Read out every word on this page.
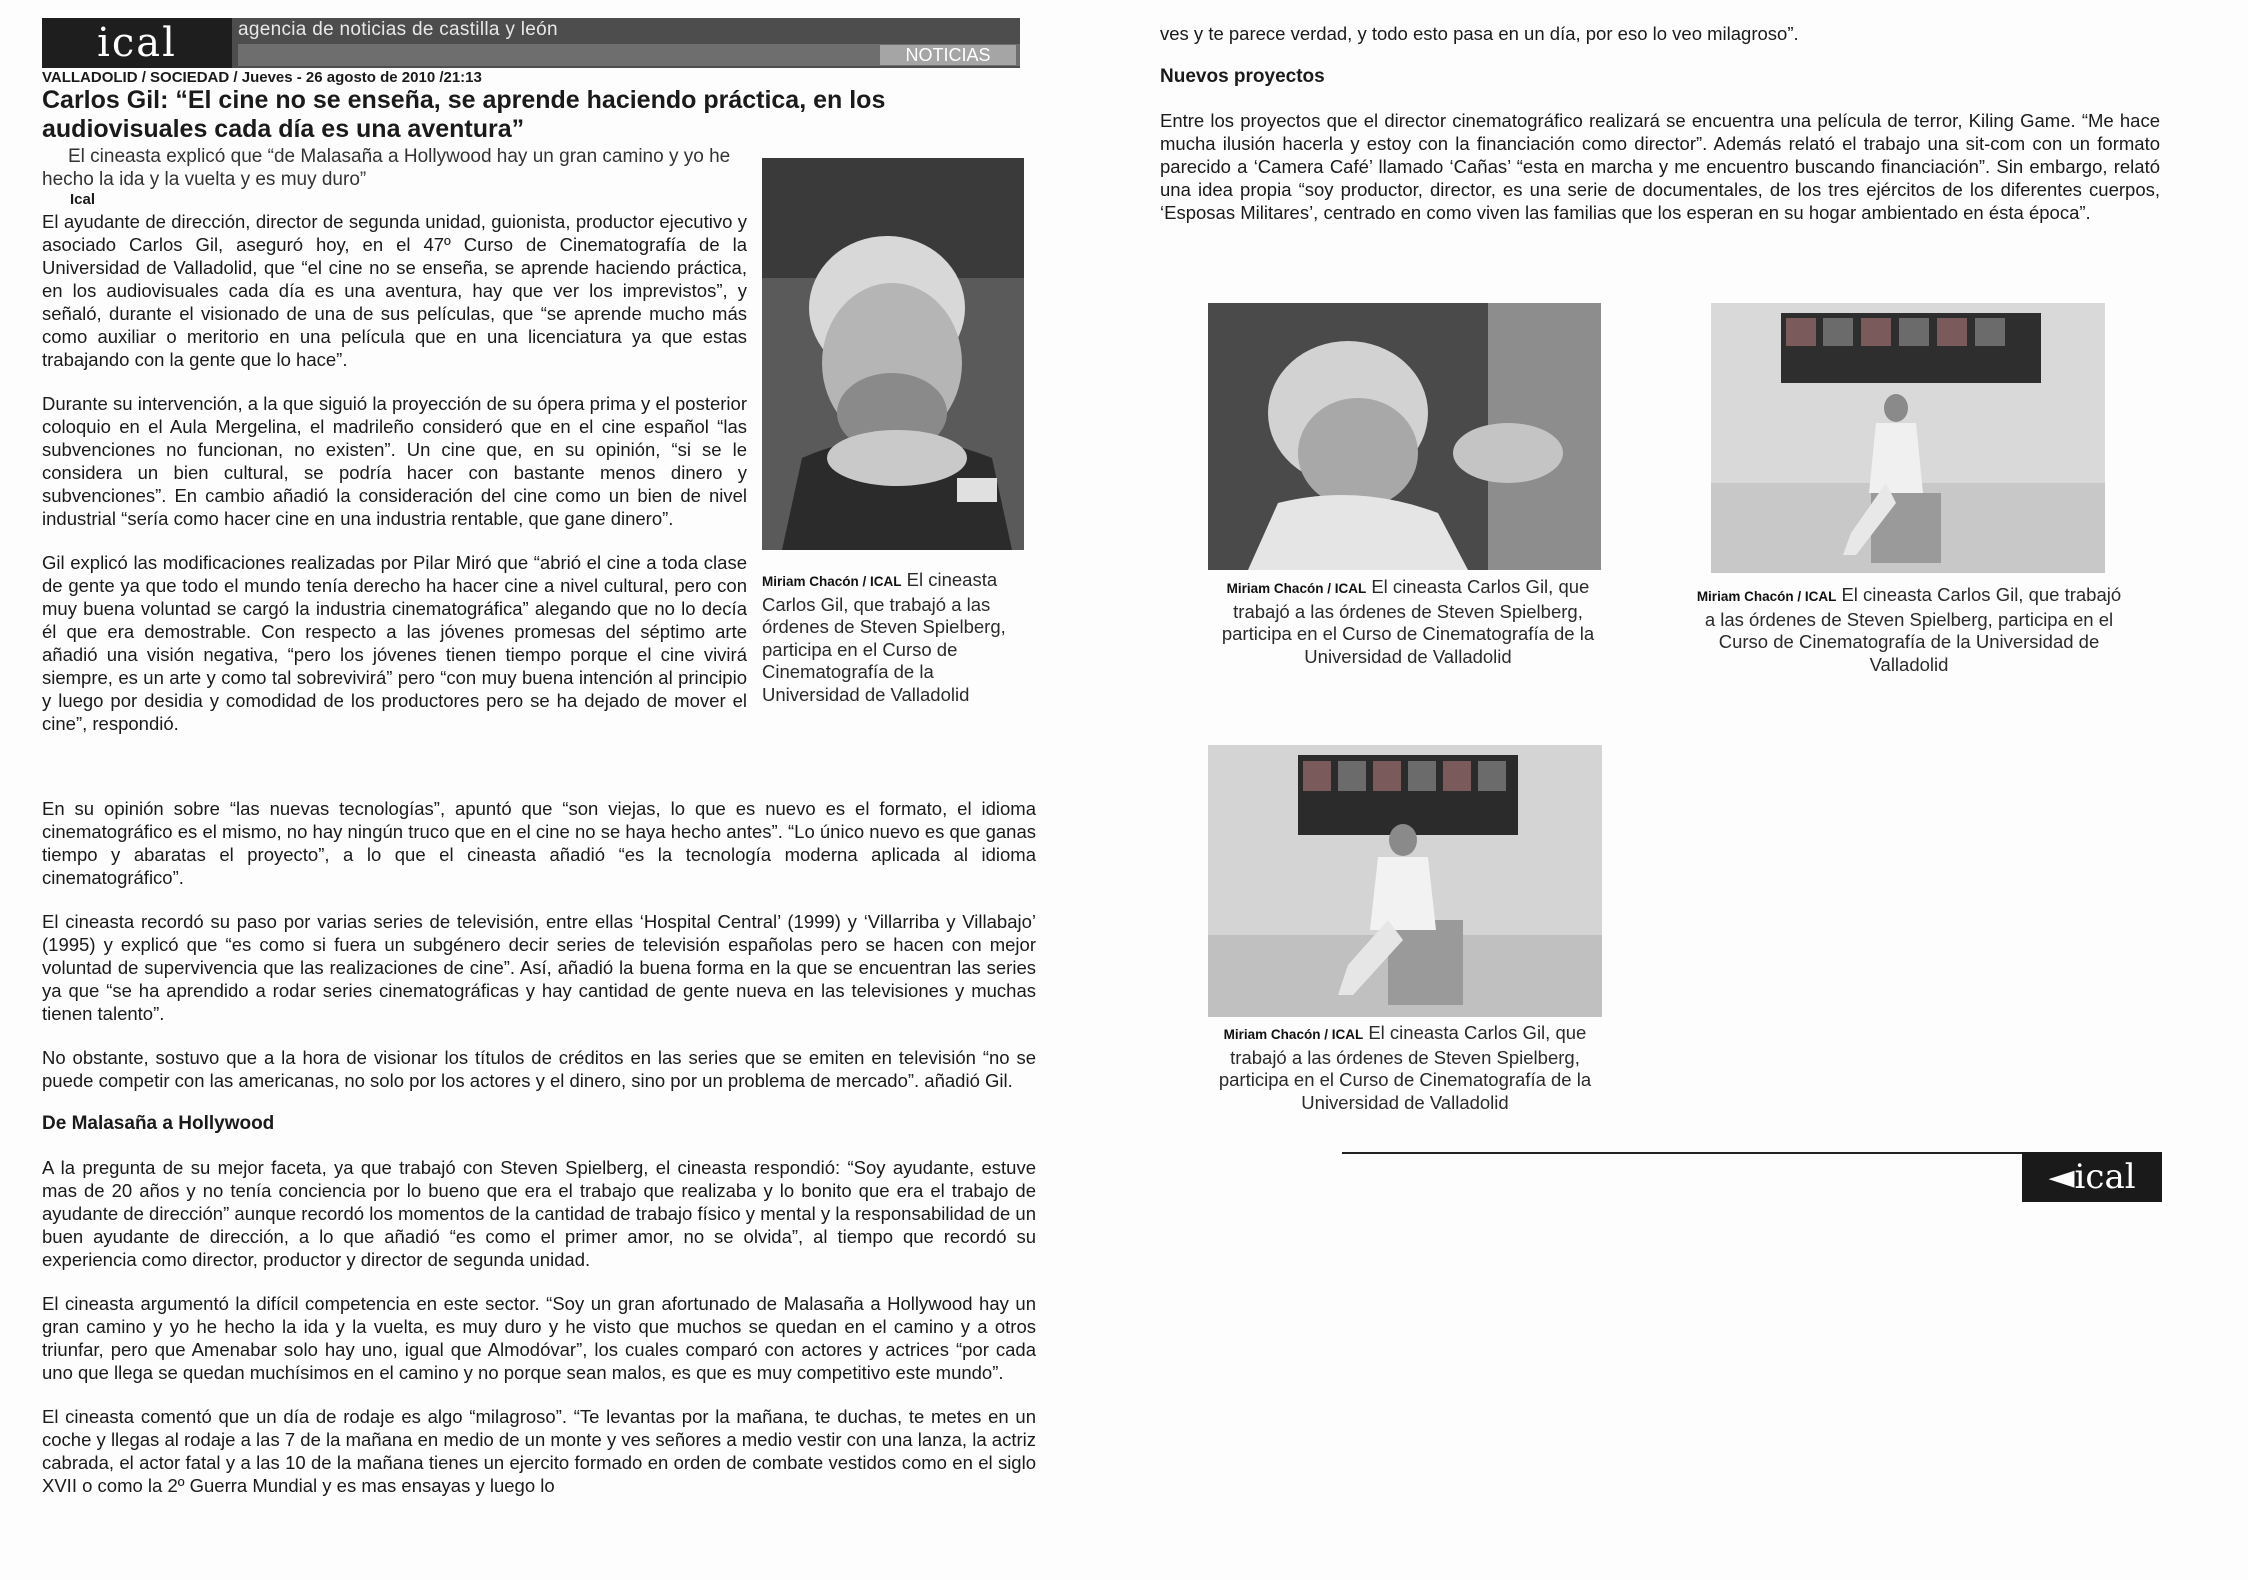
ical	agencia de noticias de castilla y león
NOTICIAS
VALLADOLID / SOCIEDAD / Jueves - 26 agosto de 2010 /21:13
Carlos Gil: “El cine no se enseña, se aprende haciendo práctica, en los audiovisuales cada día es una aventura”
El cineasta explicó que “de Malasaña a Hollywood hay un gran camino y yo he hecho la ida y la vuelta y es muy duro”
Ical

El ayudante de dirección, director de segunda unidad, guionista, productor ejecutivo y asociado Carlos Gil, aseguró hoy, en el 47º Curso de Cinematografía de la Universidad de Valladolid, que “el cine no se enseña, se aprende haciendo práctica, en los audiovisuales cada día es una aventura, hay que ver los imprevistos”, y señaló, durante el visionado de una de sus películas, que “se aprende mucho más como auxiliar o meritorio en una película que en una licenciatura ya que estas trabajando con la gente que lo hace”.

Durante su intervención, a la que siguió la proyección de su ópera prima y el posterior coloquio en el Aula Mergelina, el madrileño consideró que en el cine español “las subvenciones no funcionan, no existen”. Un cine que, en su opinión, “si se le considera un bien cultural, se podría hacer con bastante menos dinero y subvenciones”. En cambio añadió la consideración del cine como un bien de nivel industrial “sería como hacer cine en una industria rentable, que gane dinero”.

Gil explicó las modificaciones realizadas por Pilar Miró que “abrió el cine a toda clase de gente ya que todo el mundo tenía derecho ha hacer cine a nivel cultural, pero con muy buena voluntad se cargó la industria cinematográfica” alegando que no lo decía él que era demostrable. Con respecto a las jóvenes promesas del séptimo arte añadió una visión negativa, “pero los jóvenes tienen tiempo porque el cine vivirá siempre, es un arte y como tal sobrevivirá” pero “con muy buena intención al principio y luego por desidia y comodidad de los productores pero se ha dejado de mover el cine”, respondió.

Miriam Chacón / ICAL El cineasta Carlos Gil, que trabajó a las órdenes de Steven Spielberg, participa en el Curso de Cinematografía de la Universidad de Valladolid

En su opinión sobre “las nuevas tecnologías”, apuntó que “son viejas, lo que es nuevo es el formato, el idioma cinematográfico es el mismo, no hay ningún truco que en el cine no se haya hecho antes”. “Lo único nuevo es que ganas tiempo y abaratas el proyecto”, a lo que el cineasta añadió “es la tecnología moderna aplicada al idioma cinematográfico”.

El cineasta recordó su paso por varias series de televisión, entre ellas ‘Hospital Central’ (1999) y ‘Villarriba y Villabajo’ (1995) y explicó que “es como si fuera un subgénero decir series de televisión españolas pero se hacen con mejor voluntad de supervivencia que las realizaciones de cine”. Así, añadió la buena forma en la que se encuentran las series ya que “se ha aprendido a rodar series cinematográficas y hay cantidad de gente nueva en las televisiones y muchas tienen talento”.

No obstante, sostuvo que a la hora de visionar los títulos de créditos en las series que se emiten en televisión “no se puede competir con las americanas, no solo por los actores y el dinero, sino por un problema de mercado”. añadió Gil.

De Malasaña a Hollywood

A la pregunta de su mejor faceta, ya que trabajó con Steven Spielberg, el cineasta respondió: “Soy ayudante, estuve mas de 20 años y no tenía conciencia por lo bueno que era el trabajo que realizaba y lo bonito que era el trabajo de ayudante de dirección” aunque recordó los momentos de la cantidad de trabajo físico y mental y la responsabilidad de un buen ayudante de dirección, a lo que añadió “es como el primer amor, no se olvida”, al tiempo que recordó su experiencia como director, productor y director de segunda unidad.

El cineasta argumentó la difícil competencia en este sector. “Soy un gran afortunado de Malasaña a Hollywood hay un gran camino y yo he hecho la ida y la vuelta, es muy duro y he visto que muchos se quedan en el camino y a otros triunfar, pero que Amenabar solo hay uno, igual que Almodóvar”, los cuales comparó con actores y actrices “por cada uno que llega se quedan muchísimos en el camino y no porque sean malos, es que es muy competitivo este mundo”.

El cineasta comentó que un día de rodaje es algo “milagroso”. “Te levantas por la mañana, te duchas, te metes en un coche y llegas al rodaje a las 7 de la mañana en medio de un monte y ves señores a medio vestir con una lanza, la actriz cabrada, el actor fatal y a las 10 de la mañana tienes un ejercito formado en orden de combate vestidos como en el siglo XVII o como la 2º Guerra Mundial y es mas ensayas y luego lo

ves y te parece verdad, y todo esto pasa en un día, por eso lo veo milagroso”.

Nuevos proyectos

Entre los proyectos que el director cinematográfico realizará se encuentra una película de terror, Kiling Game. “Me hace mucha ilusión hacerla y estoy con la financiación como director”. Además relató el trabajo una sit-com con un formato parecido a ‘Camera Café’ llamado ‘Cañas’ “esta en marcha y me encuentro buscando financiación”. Sin embargo, relató una idea propia “soy productor, director, es una serie de documentales, de los tres ejércitos de los diferentes cuerpos, ‘Esposas Militares’, centrado en como viven las familias que los esperan en su hogar ambientado en ésta época”.

Miriam Chacón / ICAL El cineasta Carlos Gil, que trabajó a las órdenes de Steven Spielberg, participa en el Curso de Cinematografía de la Universidad de Valladolid
Miriam Chacón / ICAL El cineasta Carlos Gil, que trabajó a las órdenes de Steven Spielberg, participa en el Curso de Cinematografía de la Universidad de Valladolid
Miriam Chacón / ICAL El cineasta Carlos Gil, que trabajó a las órdenes de Steven Spielberg, participa en el Curso de Cinematografía de la Universidad de Valladolid
◄ical
